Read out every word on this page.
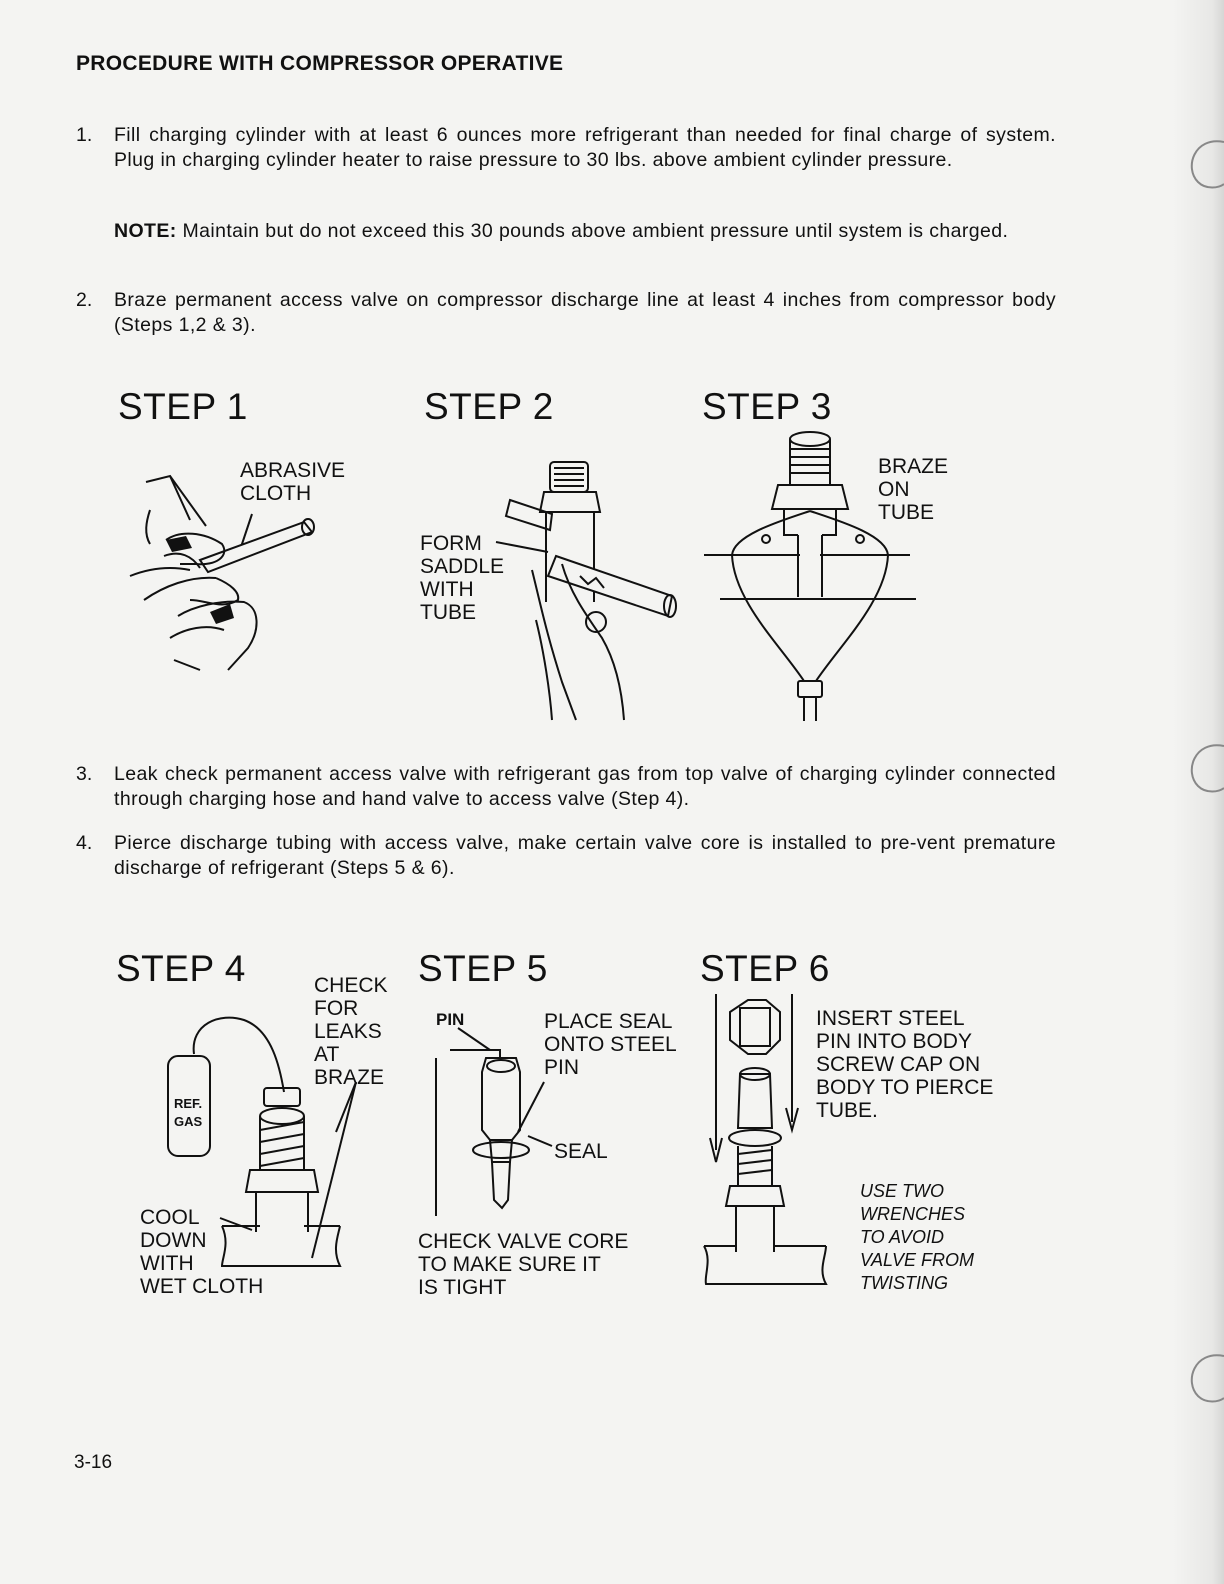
PROCEDURE WITH COMPRESSOR OPERATIVE
1.	Fill charging cylinder with at least 6 ounces more refrigerant than needed for final charge of system. Plug in charging cylinder heater to raise pressure to 30 lbs. above ambient cylinder pressure.
NOTE: Maintain but do not exceed this 30 pounds above ambient pressure until system is charged.
2.	Braze permanent access valve on compressor discharge line at least 4 inches from compressor body (Steps 1,2 & 3).
STEP 1
ABRASIVE
CLOTH
STEP 2
FORM
SADDLE
WITH
TUBE
STEP 3
BRAZE
ON
TUBE
3.	Leak check permanent access valve with refrigerant gas from top valve of charging cylinder connected through charging hose and hand valve to access valve (Step 4).
4.	Pierce discharge tubing with access valve, make certain valve core is installed to pre-vent premature discharge of refrigerant (Steps 5 & 6).
STEP 4	CHECK
FOR
LEAKS
AT
BRAZE
COOL
DOWN
WITH
WET CLOTH
REF.
GAS
STEP 5
PIN	PLACE SEAL
ONTO STEEL
PIN
SEAL
CHECK VALVE CORE
TO MAKE SURE IT
IS TIGHT
STEP 6
INSERT STEEL
PIN INTO BODY
SCREW CAP ON
BODY TO PIERCE
TUBE.
USE TWO
WRENCHES
TO AVOID
VALVE FROM
TWISTING
3-16
